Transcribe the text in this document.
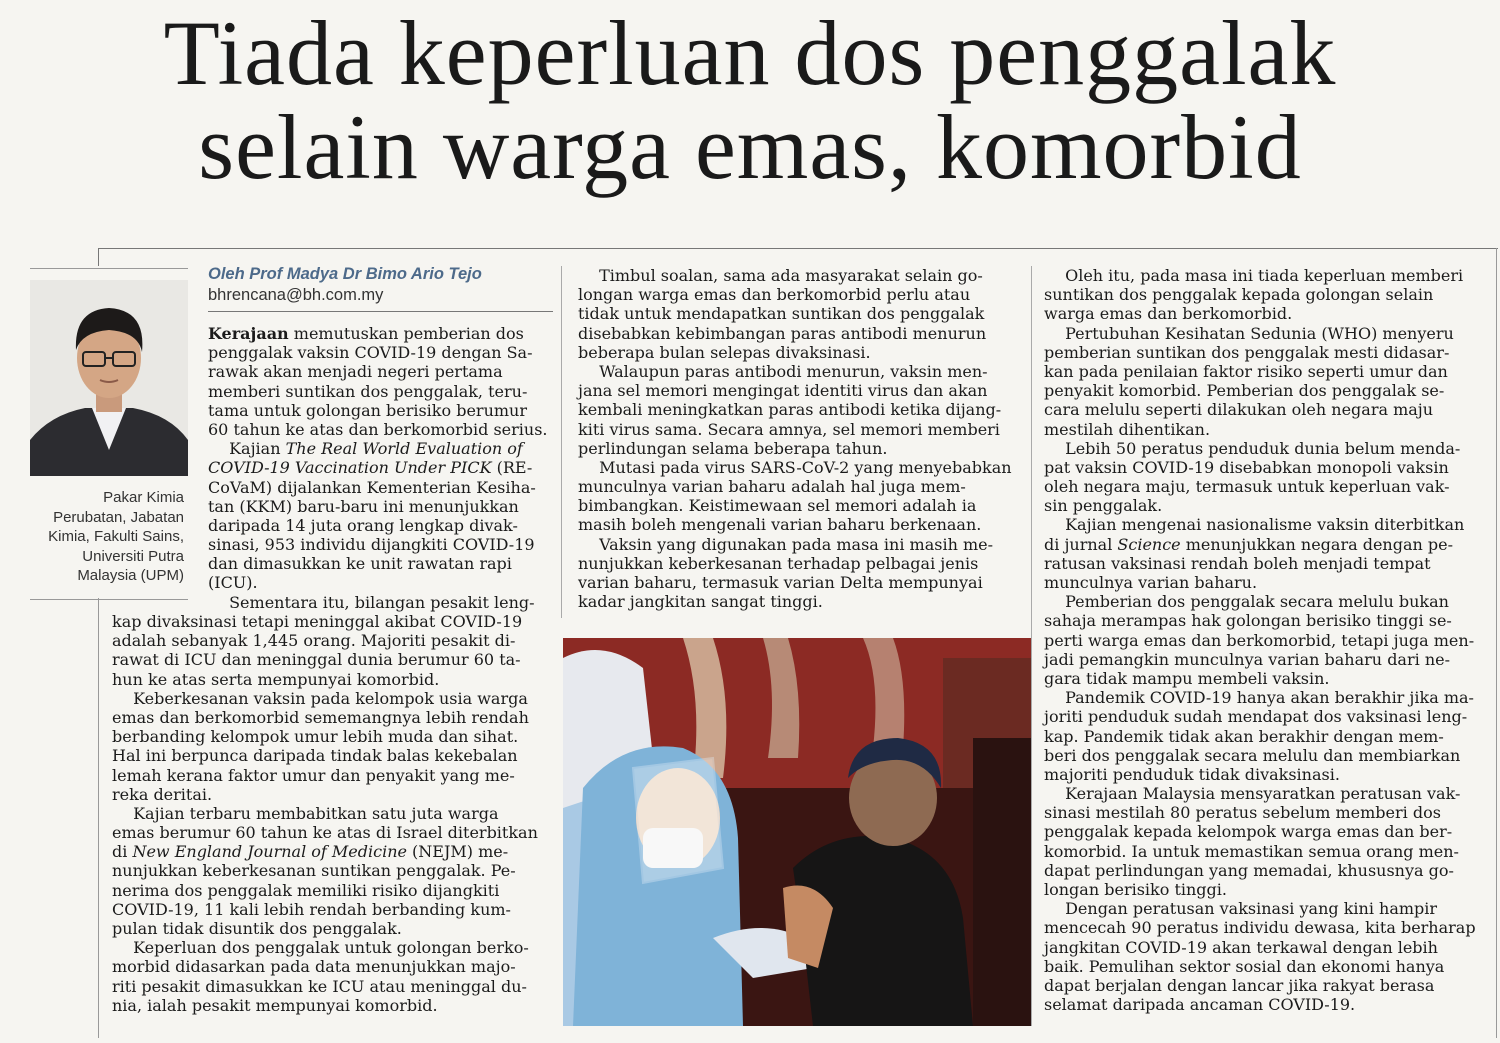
Tiada keperluan dos penggalak
selain warga emas, komorbid
Pakar Kimia
Perubatan, Jabatan
Kimia, Fakulti Sains,
Universiti Putra
Malaysia (UPM)
Oleh Prof Madya Dr Bimo Ario Tejo
bhrencana@bh.com.my
Kerajaan memutuskan pemberian dos
penggalak vaksin COVID-19 dengan Sa-
rawak akan menjadi negeri pertama
memberi suntikan dos penggalak, teru-
tama untuk golongan berisiko berumur
60 tahun ke atas dan berkomorbid serius.
  Kajian The Real World Evaluation of
COVID-19 Vaccination Under PICK (RE-
CoVaM) dijalankan Kementerian Kesiha-
tan (KKM) baru-baru ini menunjukkan
daripada 14 juta orang lengkap divak-
sinasi, 953 individu dijangkiti COVID-19
dan dimasukkan ke unit rawatan rapi
(ICU).
  Sementara itu, bilangan pesakit leng-
kap divaksinasi tetapi meninggal akibat COVID-19
adalah sebanyak 1,445 orang. Majoriti pesakit di-
rawat di ICU dan meninggal dunia berumur 60 ta-
hun ke atas serta mempunyai komorbid.
  Keberkesanan vaksin pada kelompok usia warga
emas dan berkomorbid sememangnya lebih rendah
berbanding kelompok umur lebih muda dan sihat.
Hal ini berpunca daripada tindak balas kekebalan
lemah kerana faktor umur dan penyakit yang me-
reka deritai.
  Kajian terbaru membabitkan satu juta warga
emas berumur 60 tahun ke atas di Israel diterbitkan
di New England Journal of Medicine (NEJM) me-
nunjukkan keberkesanan suntikan penggalak. Pe-
nerima dos penggalak memiliki risiko dijangkiti
COVID-19, 11 kali lebih rendah berbanding kum-
pulan tidak disuntik dos penggalak.
  Keperluan dos penggalak untuk golongan berko-
morbid didasarkan pada data menunjukkan majo-
riti pesakit dimasukkan ke ICU atau meninggal du-
nia, ialah pesakit mempunyai komorbid.
  Timbul soalan, sama ada masyarakat selain go-
longan warga emas dan berkomorbid perlu atau
tidak untuk mendapatkan suntikan dos penggalak
disebabkan kebimbangan paras antibodi menurun
beberapa bulan selepas divaksinasi.
  Walaupun paras antibodi menurun, vaksin men-
jana sel memori mengingat identiti virus dan akan
kembali meningkatkan paras antibodi ketika dijang-
kiti virus sama. Secara amnya, sel memori memberi
perlindungan selama beberapa tahun.
  Mutasi pada virus SARS-CoV-2 yang menyebabkan
munculnya varian baharu adalah hal juga mem-
bimbangkan. Keistimewaan sel memori adalah ia
masih boleh mengenali varian baharu berkenaan.
  Vaksin yang digunakan pada masa ini masih me-
nunjukkan keberkesanan terhadap pelbagai jenis
varian baharu, termasuk varian Delta mempunyai
kadar jangkitan sangat tinggi.
  Oleh itu, pada masa ini tiada keperluan memberi
suntikan dos penggalak kepada golongan selain
warga emas dan berkomorbid.
  Pertubuhan Kesihatan Sedunia (WHO) menyeru
pemberian suntikan dos penggalak mesti didasar-
kan pada penilaian faktor risiko seperti umur dan
penyakit komorbid. Pemberian dos penggalak se-
cara melulu seperti dilakukan oleh negara maju
mestilah dihentikan.
  Lebih 50 peratus penduduk dunia belum menda-
pat vaksin COVID-19 disebabkan monopoli vaksin
oleh negara maju, termasuk untuk keperluan vak-
sin penggalak.
  Kajian mengenai nasionalisme vaksin diterbitkan
di jurnal Science menunjukkan negara dengan pe-
ratusan vaksinasi rendah boleh menjadi tempat
munculnya varian baharu.
  Pemberian dos penggalak secara melulu bukan
sahaja merampas hak golongan berisiko tinggi se-
perti warga emas dan berkomorbid, tetapi juga men-
jadi pemangkin munculnya varian baharu dari ne-
gara tidak mampu membeli vaksin.
  Pandemik COVID-19 hanya akan berakhir jika ma-
joriti penduduk sudah mendapat dos vaksinasi leng-
kap. Pandemik tidak akan berakhir dengan mem-
beri dos penggalak secara melulu dan membiarkan
majoriti penduduk tidak divaksinasi.
  Kerajaan Malaysia mensyaratkan peratusan vak-
sinasi mestilah 80 peratus sebelum memberi dos
penggalak kepada kelompok warga emas dan ber-
komorbid. Ia untuk memastikan semua orang men-
dapat perlindungan yang memadai, khususnya go-
longan berisiko tinggi.
  Dengan peratusan vaksinasi yang kini hampir
mencecah 90 peratus individu dewasa, kita berharap
jangkitan COVID-19 akan terkawal dengan lebih
baik. Pemulihan sektor sosial dan ekonomi hanya
dapat berjalan dengan lancar jika rakyat berasa
selamat daripada ancaman COVID-19.
